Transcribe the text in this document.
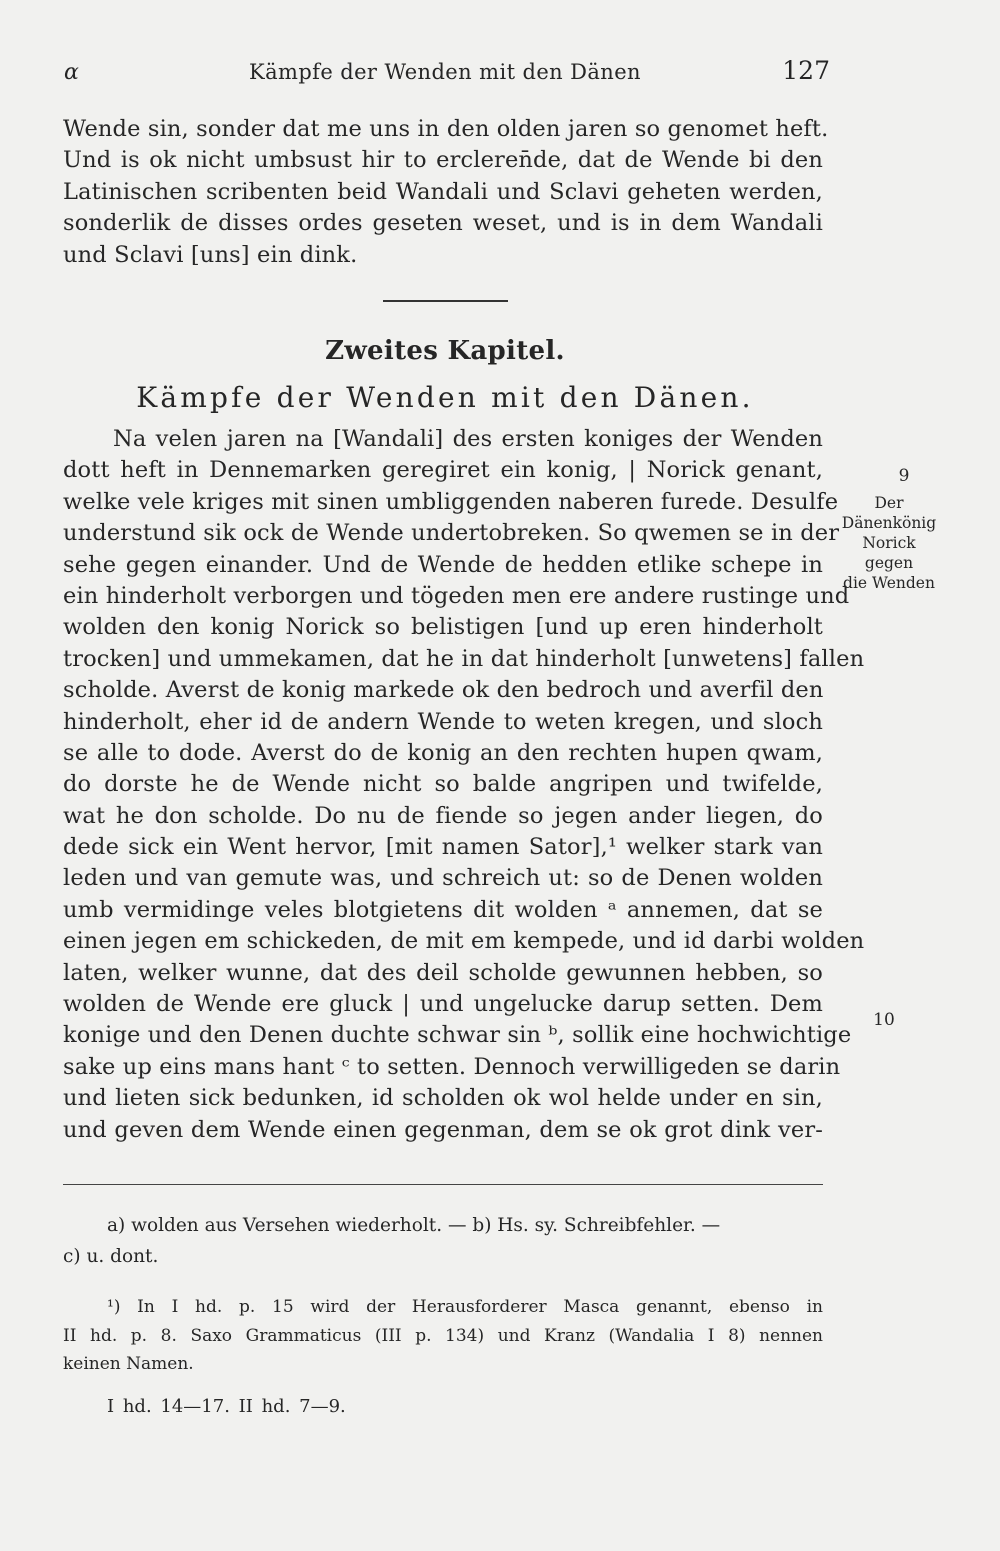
α	Kämpfe der Wenden mit den Dänen	127
Wende sin, sonder dat me uns in den olden jaren so genomet heft.
Und is ok nicht umbsust hir to ercleren̄de, dat de Wende bi den
Latinischen scribenten beid Wandali und Sclavi geheten werden,
sonderlik de disses ordes geseten weset, und is in dem Wandali
und Sclavi [uns] ein dink.
Zweites Kapitel.
Kämpfe der Wenden mit den Dänen.
Na velen jaren na [Wandali] des ersten koniges der Wenden
dott heft in Dennemarken geregiret ein konig, | Norick genant,
welke vele kriges mit sinen umbliggenden naberen furede. Desulfe
understund sik ock de Wende undertobreken. So qwemen se in der
sehe gegen einander. Und de Wende de hedden etlike schepe in
ein hinderholt verborgen und tögeden men ere andere rustinge und
wolden den konig Norick so belistigen [und up eren hinderholt
trocken] und ummekamen, dat he in dat hinderholt [unwetens] fallen
scholde. Averst de konig markede ok den bedroch und averfil den
hinderholt, eher id de andern Wende to weten kregen, und sloch
se alle to dode. Averst do de konig an den rechten hupen qwam,
do dorste he de Wende nicht so balde angripen und twifelde,
wat he don scholde. Do nu de fiende so jegen ander liegen, do
dede sick ein Went hervor, [mit namen Sator],¹ welker stark van
leden und van gemute was, und schreich ut: so de Denen wolden
umb vermidinge veles blotgietens dit wolden ᵃ annemen, dat se
einen jegen em schickeden, de mit em kempede, und id darbi wolden
laten, welker wunne, dat des deil scholde gewunnen hebben, so
wolden de Wende ere gluck | und ungelucke darup setten. Dem
konige und den Denen duchte schwar sin ᵇ, sollik eine hochwichtige
sake up eins mans hant ᶜ to setten. Dennoch verwilligeden se darin
und lieten sick bedunken, id scholden ok wol helde under en sin,
und geven dem Wende einen gegenman, dem se ok grot dink ver-
9
Der
Dänenkönig
Norick
gegen
die Wenden
10
a) wolden aus Versehen wiederholt. — b) Hs. sy. Schreibfehler. —
c) u. dont.
¹) In I hd. p. 15 wird der Herausforderer Masca genannt, ebenso in
II hd. p. 8. Saxo Grammaticus (III p. 134) und Kranz (Wandalia I 8) nennen
keinen Namen.
I hd. 14—17. II hd. 7—9.
